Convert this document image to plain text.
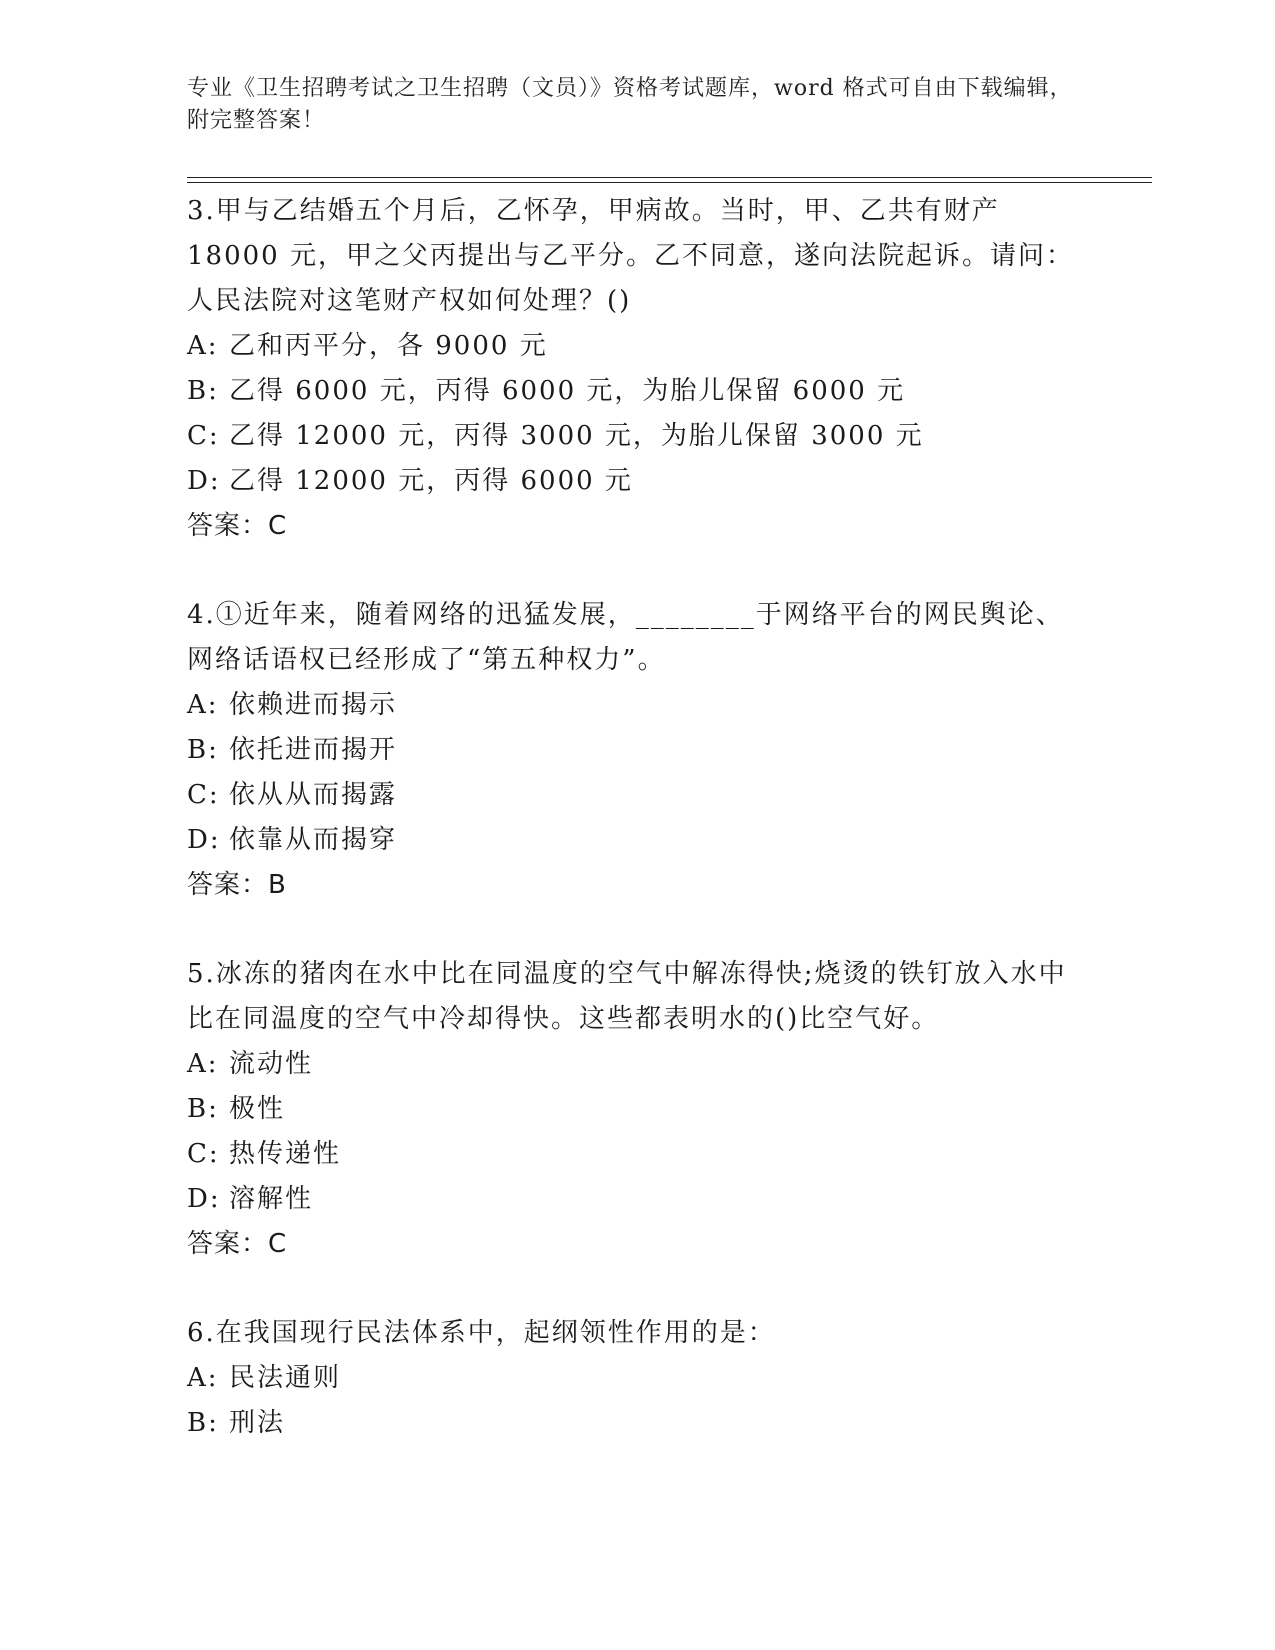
专业《卫生招聘考试之卫生招聘（文员）》资格考试题库，word 格式可自由下载编辑，附完整答案！

3.甲与乙结婚五个月后，乙怀孕，甲病故。当时，甲、乙共有财产18000 元，甲之父丙提出与乙平分。乙不同意，遂向法院起诉。请问：人民法院对这笔财产权如何处理？()

A: 乙和丙平分，各 9000 元

B: 乙得 6000 元，丙得 6000 元，为胎儿保留 6000 元

C: 乙得 12000 元，丙得 3000 元，为胎儿保留 3000 元

D: 乙得 12000 元，丙得 6000 元

答案：C

4.①近年来，随着网络的迅猛发展，________于网络平台的网民舆论、网络话语权已经形成了“第五种权力”。

A: 依赖进而揭示

B: 依托进而揭开

C: 依从从而揭露

D: 依靠从而揭穿

答案：B

5.冰冻的猪肉在水中比在同温度的空气中解冻得快;烧烫的铁钉放入水中比在同温度的空气中冷却得快。这些都表明水的()比空气好。

A: 流动性

B: 极性

C: 热传递性

D: 溶解性

答案：C

6.在我国现行民法体系中，起纲领性作用的是：

A: 民法通则

B: 刑法
